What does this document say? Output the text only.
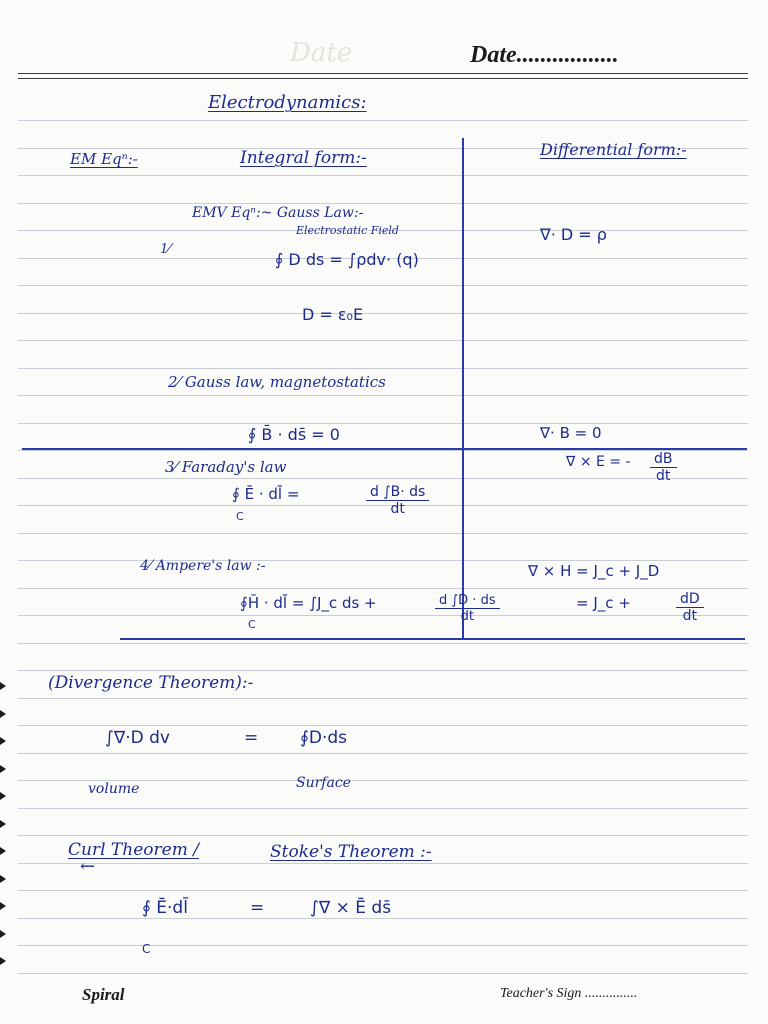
Date	Date.................
Electrodynamics:
EM Eqⁿ:-	Integral form:-	Differential form:-
1⁄
EMV Eqⁿ:~ Gauss Law:-
Electrostatic Field
∮ D ds = ∫ρdv· (q)
D = ε₀E
∇· D = ρ
2⁄ Gauss law, magnetostatics
∮ B̄ · ds̄ = 0	∇· B = 0
3⁄ Faraday's law
∮ Ē · dl̄ =
C	$\frac{d \int B\cdot ds}{dt}$
∇ × E = - $\frac{dB}{dt}$
4⁄ Ampere's law :-
∮H̄ · dl̄ = ∫J_c ds +
C
$\frac{d \int D \cdot ds}{dt}$
∇ × H = J_c + J_D
= J_c +	$\frac{dD}{dt}$
(Divergence Theorem):-
∫∇·D dv	= ∮D·ds
volume	Surface
Curl Theorem /	Stoke's Theorem :-
←
∮ Ē·dl̄
C
=	∫∇ × Ē ds̄
Spiral	Teacher's Sign ...............
